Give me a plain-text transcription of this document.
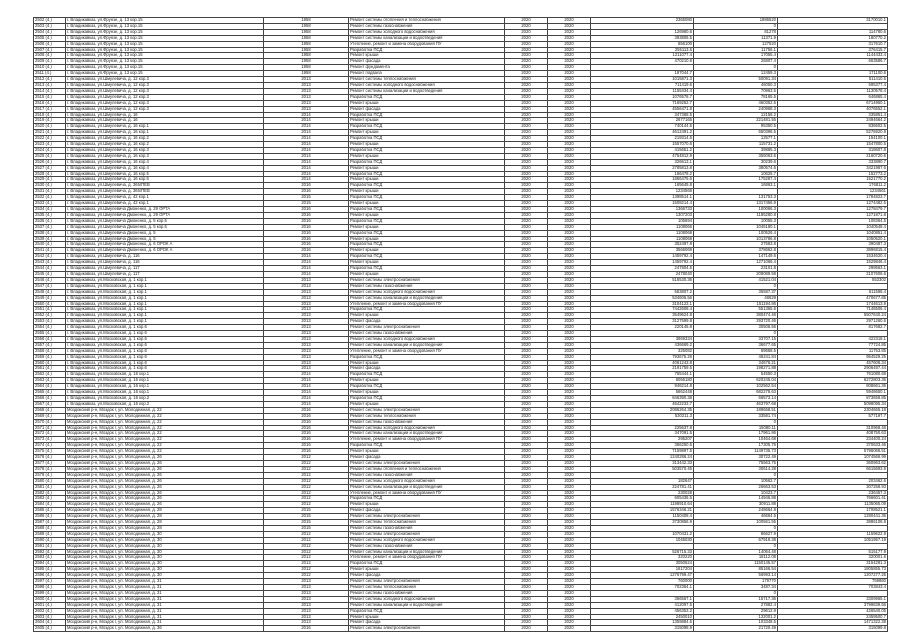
2502 (4.)	г. Владикавказ, ул.Фрунзе, д. 13 кор.15	1958	Ремонт системы отопления и теплоснабжения	2020	2020	2365080	1886520	3170010.1
2503 (4.)	г. Владикавказ, ул.Фрунзе, д. 13 кор.15	1958	Ремонт системы газоснабжения	2020	2020		0	
2504 (4.)	г. Владикавказ, ул.Фрунзе, д. 13 кор.15	1958	Ремонт системы холодного водоснабжения	2020	2020	126980.6	81278	114780.6
2505 (4.)	г. Владикавказ, ул.Фрунзе, д. 13 кор.15	1958	Ремонт системы канализации и водоотведения	2020	2020	393806.5	11371.9	180770.2
2506 (4.)	г. Владикавказ, ул.Фрунзе, д. 13 кор.15	1958	Утепление, ремонт и замена оборудования ПУ	2020	2020	656100	127520	317610.7
2507 (4.)	г. Владикавказ, ул.Фрунзе, д. 13 кор.15	1958	Разработка ПСД	2020	2020	255113.6	11756.1	376415.7
2508 (4.)	г. Владикавказ, ул.Фрунзе, д. 13 кор.15	1958	Ремонт крыши	2020	2020	1211077.4	17055.4	1144433.4
2509 (4.)	г. Владикавказ, ул.Фрунзе, д. 13 кор.15	1958	Ремонт фасада	2020	2020	470210.8	26807.4	663586.7
2510 (4.)	г. Владикавказ, ул.Фрунзе, д. 13 кор.15	1958	Ремонт фундамента	2020	2020		0	
2511 (4.)	г. Владикавказ, ул.Фрунзе, д. 13 кор.15	1958	Ремонт подвала	2020	2020	187044.7	12459.3	171100.6
2512 (4.)	г. Владикавказ, ул.Шмулевича, д. 12 кор.3	2013	Ремонт системы теплоснабжения	2020	2020	1015871.3	50091.34	511410.5
2513 (4.)	г. Владикавказ, ул.Шмулевича, д. 12 кор.3	2013	Ремонт системы холодного водоснабжения	2020	2020	711419.6	46050.3	595377.4
2514 (4.)	г. Владикавказ, ул.Шмулевича, д. 12 кор.3	2013	Ремонт системы канализации и водоотведения	2020	2020	1155434.4	70963.5	1130578.4
2515 (4.)	г. Владикавказ, ул.Шмулевича, д. 12 кор.3	2013	Разработка ПСД	2020	2020	1076578.7	78165.5	646865.4
2516 (4.)	г. Владикавказ, ул.Шмулевича, д. 12 кор.3	2013	Ремонт крыши	2020	2020	7169252.7	460352.5	6714950.1
2517 (4.)	г. Владикавказ, ул.Шмулевича, д. 12 кор.3	2013	Ремонт фасада	2020	2020	4556471.8	240968.3	4076552.1
2518 (4.)	г. Владикавказ, ул.Шмулевича, д. 16	2014	Разработка ПСД	2020	2020	347368.5	12158.2	335851.4
2519 (4.)	г. Владикавказ, ул.Шмулевича, д. 16	2014	Ремонт крыши	2020	2020	2677165	221481.55	2494664.2
2520 (4.)	г. Владикавказ, ул.Шмулевича, д. 16 кор.1	2014	Разработка ПСД	2020	2020	740144.6	95350.5	836602.5
2521 (4.)	г. Владикавказ, ул.Шмулевича, д. 16 кор.1	2014	Ремонт крыши	2020	2020	4612491.2	650396.5	5276920.9
2522 (4.)	г. Владикавказ, ул.Шмулевича, д. 16 кор.2	2014	Разработка ПСД	2020	2020	219314.5	12577.1	154100.1
2523 (4.)	г. Владикавказ, ул.Шмулевича, д. 16 кор.2	2014	Ремонт крыши	2020	2020	1557070.6	115731.2	1547800.5
2524 (4.)	г. Владикавказ, ул.Шмулевича, д. 16 кор.3	2014	Разработка ПСД	2020	2020	415651.2	39885.3	318607.8
2525 (4.)	г. Владикавказ, ул.Шмулевича, д. 16 кор.3	2014	Ремонт крыши	2020	2020	4754812.9	355063.6	2160720.6
2526 (4.)	г. Владикавказ, ул.Шмулевича, д. 16 кор.4	2014	Разработка ПСД	2020	2020	326613.1	30239.6	333890.7
2527 (4.)	г. Владикавказ, ул.Шмулевича, д. 16 кор.4	2014	Ремонт крыши	2020	2020	2785813.8	380574.6	3421987.6
2528 (4.)	г. Владикавказ, ул.Шмулевича, д. 16 кор.5	2014	Разработка ПСД	2020	2020	166478.2	10625.7	152773.2
2529 (4.)	г. Владикавказ, ул.Шмулевича, д. 16 кор.5	2014	Ремонт крыши	2020	2020	1866475.6	175287.4	1521770.2
2530 (4.)	г. Владикавказ, ул.Шмулевича, д. 36б/ПЕВ	2016	Разработка ПСД	2020	2020	165645.8	16863.1	176811.2
2531 (4.)	г. Владикавказ, ул.Шмулевича, д. 36б/ПЕВ	2016	Ремонт крыши	2020	2020	1234566		1234561
2532 (4.)	г. Владикавказ, ул.Шмулевича, д. 42 кор.1	2015	Разработка ПСД	2020	2020	1398514.1	131753.3	1784823.7
2533 (4.)	г. Владикавказ, ул.Шмулевича, д. 42 кор.1	2015	Ремонт крыши	2020	2020	1508214.4	1317456.9	1274482.5
2534 (4.)	г. Владикавказ, ул.Шмулевича Дмоненко, д. 29 ОРТА	2016	Разработка ПСД	2020	2020	1366733	100066.3	1278479.7
2535 (4.)	г. Владикавказ, ул.Шмулевича Дмоненко, д. 29 ОРТА	2016	Ремонт крыши	2020	2020	1307203	1185280.8	1271871.8
2536 (4.)	г. Владикавказ, ул.Шмулевича Дмоненко, д. 5 кор.5	2016	Разработка ПСД	2020	2020	105694	10055.3	108364.5
2537 (4.)	г. Владикавказ, ул.Шмулевича Дмоненко, д. 5 кор.5	2016	Ремонт крыши	2020	2020	1108066	1045180.1	1040548.4
2538 (4.)	г. Владикавказ, ул.Шмулевича Дмоненко, д. 5	2016	Разработка ПСД	2020	2020	1108068	100526.4	1040851.4
2539 (4.)	г. Владикавказ, ул.Шмулевича Дмоненко, д. 5	2016	Ремонт крыши	2020	2020	1108068	1013786.8	1050520.1
2540 (4.)	г. Владикавказ, ул.Шмулевича Дмоненко, д. 6 ОРОК А	2016	Разработка ПСД	2020	2020	352497.8	27583.8	390487.3
2541 (4.)	г. Владикавказ, ул.Шмулевича Дмоненко, д. 6 ОРОК А	2016	Ремонт крыши	2020	2020	3566069	378662.8	3896815.4
2542 (4.)	г. Владикавказ, ул.Шмулевича, д. 116	2014	Разработка ПСД	2020	2020	1459792.4	147149.6	1534620.4
2543 (4.)	г. Владикавказ, ул.Шмулевича, д. 116	2014	Ремонт крыши	2020	2020	1459792.4	1271066.4	1529846.4
2544 (4.)	г. Владикавказ, ул.Шмулевича, д. 117	2014	Разработка ПСД	2020	2020	247804.5	23101.8	299563.1
2545 (4.)	г. Владикавказ, ул.Шмулевича, д. 117	2014	Ремонт крыши	2020	2020	2478040	209089.58	2107606.6
2546 (4.)	г. Владикавказ, ул.Московская, д. 1 кор.1	2013	Ремонт системы электроснабжения	2020	2020	516530.36	41521.04	553302
2547 (4.)	г. Владикавказ, ул.Московская, д. 1 кор.1	2013	Ремонт системы газоснабжения	2020	2020		0	
2548 (4.)	г. Владикавказ, ул.Московская, д. 1 кор.1	2013	Ремонт системы холодного водоснабжения	2020	2020	553807.2	35587.37	511588.4
2549 (4.)	г. Владикавказ, ул.Московская, д. 1 кор.1	2013	Ремонт системы канализации и водоотведения	2020	2020	534606.56	48629	470677.85
2550 (4.)	г. Владикавказ, ул.Московская, д. 1 кор.1	2013	Утепление, ремонт и замена оборудования ПУ	2020	2020	3104123.1	151194.86	1744613.9
2551 (4.)	г. Владикавказ, ул.Московская, д. 1 кор.1	2013	Разработка ПСД	2020	2020	7442608.4	551365.6	7146506.4
2552 (4.)	г. Владикавказ, ул.Московская, д. 1 кор.1	2013	Ремонт крыши	2020	2020	3549624.8	380474.46	5507640.24
2553 (4.)	г. Владикавказ, ул.Московская, д. 1 кор.1	2013	Ремонт фасада	2020	2020	3127599.8	293720.46	2971260.6
2554 (4.)	г. Владикавказ, ул.Московская, д. 1 кор.6	2013	Ремонт системы электроснабжения	2020	2020	220145.8	30506.56	817682.7
2555 (4.)	г. Владикавказ, ул.Московская, д. 1 кор.6	2013	Ремонт системы газоснабжения	2020	2020		0	
2556 (4.)	г. Владикавказ, ул.Московская, д. 1 кор.6	2013	Ремонт системы холодного водоснабжения	2020	2020	3869334	33707.15	422318.1
2557 (4.)	г. Владикавказ, ул.Московская, д. 1 кор.6	2013	Ремонт системы канализации и водоотведения	2020	2020	436669.2	36677.65	77724.85
2558 (4.)	г. Владикавказ, ул.Московская, д. 1 кор.6	2013	Утепление, ремонт и замена оборудования ПУ	2020	2020	325082	69668.5	11753.85
2559 (4.)	г. Владикавказ, ул.Московская, д. 1 кор.6	2013	Разработка ПСД	2020	2020	793675.26	46241.84	954529.25
2560 (4.)	г. Владикавказ, ул.Московская, д. 1 кор.6	2013	Ремонт крыши	2020	2020	4061243.8	34676.21	457608.34
2561 (4.)	г. Владикавказ, ул.Московская, д. 1 кор.6	2013	Ремонт фасада	2020	2020	2191759.5	198271.88	2906497.44
2562 (4.)	г. Владикавказ, ул.Московская, д. 16 кор.1	2014	Разработка ПСД	2020	2020	765444.1	54550.3	761080.68
2563 (4.)	г. Владикавказ, ул.Московская, д. 16 кор.1	2014	Ремонт крыши	2020	2020	6055180	620245.04	6272803.36
2564 (4.)	г. Владикавказ, ул.Московская, д. 16 кор.1	2014	Разработка ПСД	2020	2020	946214.8	102562.54	808661.36
2565 (4.)	г. Владикавказ, ул.Московская, д. 16 кор.1	2014	Ремонт крыши	2020	2020	5662448	682278.63	5948650.1
2566 (4.)	г. Владикавказ, ул.Московская, д. 16 кор.2	2014	Разработка ПСД	2020	2020	846390.38	66573.14	873658.85
2567 (4.)	г. Владикавказ, ул.Московская, д. 16 кор.2	2014	Ремонт крыши	2020	2020	4642233.7	463797.68	5098095.34
2568 (4.)	Моздокский р-н, Моздок г, ул. Молодежная, д. 22	2016	Ремонт системы электроснабжения	2020	2020	2086264.35	189668.51	2304665.18
2569 (4.)	Моздокский р-н, Моздок г, ул. Молодежная, д. 22	2016	Ремонт системы теплоснабжения	2020	2020	530211.3	33581.74	577197.7
2570 (4.)	Моздокский р-н, Моздок г, ул. Молодежная, д. 22	2016	Ремонт системы газоснабжения	2020	2020		0	
2571 (4.)	Моздокский р-н, Моздок г, ул. Молодежная, д. 22	2016	Ремонт системы холодного водоснабжения	2020	2020	225637.8	15080.11	310968.46
2572 (4.)	Моздокский р-н, Моздок г, ул. Молодежная, д. 22	2016	Ремонт системы канализации и водоотведения	2020	2020	347091.5	17961.86	408750.63
2573 (4.)	Моздокский р-н, Моздок г, ул. Молодежная, д. 22	2016	Утепление, ремонт и замена оборудования ПУ	2020	2020	295207	10464.68	234400.24
2574 (4.)	Моздокский р-н, Моздок г, ул. Молодежная, д. 22	2016	Разработка ПСД	2020	2020	366250.5	17305.76	370633.46
2575 (4.)	Моздокский р-н, Моздок г, ул. Молодежная, д. 22	2016	Ремонт крыши	2020	2020	7159897.5	1149735.73	5796068.51
2576 (4.)	Моздокский р-н, Моздок г, ул. Молодежная, д. 26	2012	Ремонт фасада	2020	2020	1240286.24	30722.49	1074566.99
2577 (4.)	Моздокский р-н, Моздок г, ул. Молодежная, д. 26	2012	Ремонт системы электроснабжения	2020	2020	313442.33	75563.75	360963.62
2578 (4.)	Моздокский р-н, Моздок г, ул. Молодежная, д. 26	2012	Ремонт системы отопления и теплоснабжения	2020	2020	503570.45	30614.28	6615693.9
2579 (4.)	Моздокский р-н, Моздок г, ул. Молодежная, д. 26	2012	Ремонт системы газоснабжения	2020	2020		0	
2580 (4.)	Моздокский р-н, Моздок г, ул. Молодежная, д. 26	2012	Ремонт системы холодного водоснабжения	2020	2020	182647	10562.7	203462.6
2581 (4.)	Моздокский р-н, Моздок г, ул. Молодежная, д. 26	2012	Ремонт системы канализации и водоотведения	2020	2020	224781.41	26663.53	307258.93
2582 (4.)	Моздокский р-н, Моздок г, ул. Молодежная, д. 26	2012	Утепление, ремонт и замена оборудования ПУ	2020	2020	230028	10423.7	236457.3
2583 (4.)	Моздокский р-н, Моздок г, ул. Молодежная, д. 26	2012	Разработка ПСД	2020	2020	605436.5	14946.88	766601.41
2584 (4.)	Моздокский р-н, Моздок г, ул. Молодежная, д. 26	2012	Ремонт крыши	2020	2020	1198910.64	30911.88	1135065.09
2585 (4.)	Моздокский р-н, Моздок г, ул. Молодежная, д. 28	2015	Ремонт фасада	2020	2020	1576346.21	248664.8	1708521.1
2586 (4.)	Моздокский р-н, Моздок г, ул. Молодежная, д. 28	2015	Ремонт системы электроснабжения	2020	2020	1150408.4	46664.5	1280441.36
2587 (4.)	Моздокский р-н, Моздок г, ул. Молодежная, д. 28	2015	Ремонт системы теплоснабжения	2020	2020	3730856.9	100561.55	3886108.8
2588 (4.)	Моздокский р-н, Моздок г, ул. Молодежная, д. 28	2015	Ремонт системы газоснабжения	2020	2020		0	
2589 (4.)	Моздокский р-н, Моздок г, ул. Молодежная, д. 30	2012	Ремонт системы электроснабжения	2020	2020	1070431.2	86627.9	1159622.9
2590 (4.)	Моздокский р-н, Моздок г, ул. Молодежная, д. 30	2012	Ремонт системы холодного водоснабжения	2020	2020	1045030	67919.38	1051957.19
2591 (4.)	Моздокский р-н, Моздок г, ул. Молодежная, д. 30	2012	Ремонт системы газоснабжения	2020	2020		0	
2592 (4.)	Моздокский р-н, Моздок г, ул. Молодежная, д. 30	2012	Ремонт системы канализации и водоотведения	2020	2020	526715.33	14064.48	515177.9
2593 (4.)	Моздокский р-н, Моздок г, ул. Молодежная, д. 30	2012	Утепление, ремонт и замена оборудования ПУ	2020	2020	320220	18112.08	320001.6
2594 (4.)	Моздокский р-н, Моздок г, ул. Молодежная, д. 30	2012	Разработка ПСД	2020	2020	3050624	1150145.57	3154281.3
2595 (4.)	Моздокский р-н, Моздок г, ул. Молодежная, д. 30	2012	Ремонт крыши	2020	2020	1617204	85166.54	1805855.73
2596 (4.)	Моздокский р-н, Моздок г, ул. Молодежная, д. 30	2012	Ремонт фасада	2020	2020	1276799.47	56993.14	1207277.25
2597 (4.)	Моздокский р-н, Моздок г, ул. Молодежная, д. 31	2013	Ремонт системы электроснабжения	2020	2020	760000	179770	759860
2598 (4.)	Моздокский р-н, Моздок г, ул. Молодежная, д. 31	2013	Ремонт системы теплоснабжения	2020	2020	702364.1	3487.34	703843.4
2599 (4.)	Моздокский р-н, Моздок г, ул. Молодежная, д. 31	2013	Ремонт системы газоснабжения	2020	2020		0	
2600 (4.)	Моздокский р-н, Моздок г, ул. Молодежная, д. 31	2013	Ремонт системы холодного водоснабжения	2020	2020	366567.1	15717.36	3309965.1
2601 (4.)	Моздокский р-н, Моздок г, ул. Молодежная, д. 31	2013	Ремонт системы канализации и водоотведения	2020	2020	412097.5	27882.4	3799839.56
2602 (4.)	Моздокский р-н, Моздок г, ул. Молодежная, д. 31	2013	Разработка ПСД	2020	2020	456353.2	29612.9	426540.05
2603 (4.)	Моздокский р-н, Моздок г, ул. Молодежная, д. 31	2013	Ремонт крыши	2020	2020	2450010	132001.2	2459500.7
2604 (4.)	Моздокский р-н, Моздок г, ул. Молодежная, д. 31	2013	Ремонт фасада	2020	2020	1359884.5	103348.5	1471322.38
2605 (4.)	Моздокский р-н, Моздок г, ул. Молодежная, д. 36	2016	Ремонт системы электроснабжения	2020	2020	315098.9	21720.49	315099.8
